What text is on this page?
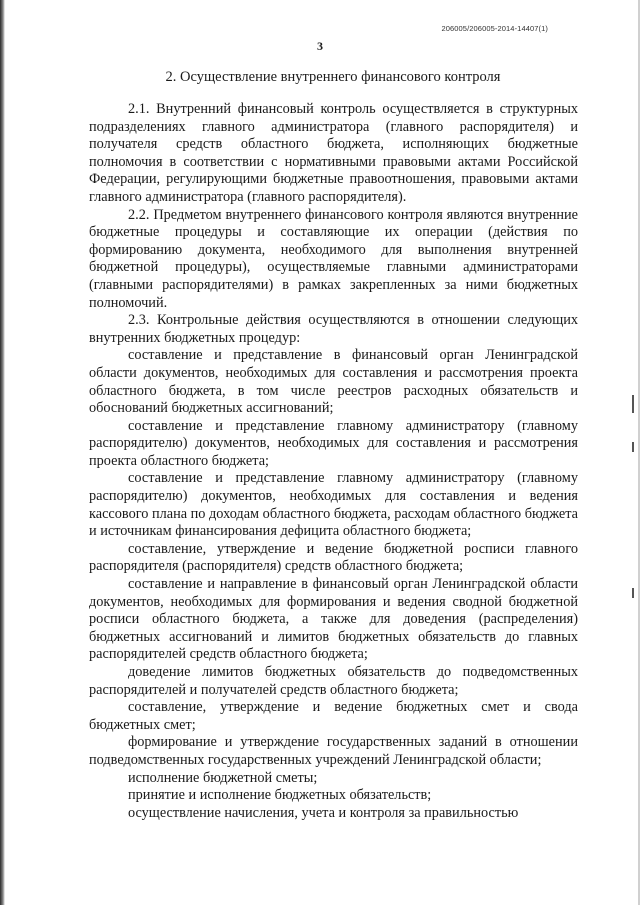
206005/206005-2014-14407(1)
3
2. Осуществление внутреннего финансового контроля

2.1. Внутренний финансовый контроль осуществляется в структурных подразделениях главного администратора (главного распорядителя) и получателя средств областного бюджета, исполняющих бюджетные полномочия в соответствии с нормативными правовыми актами Российской Федерации, регулирующими бюджетные правоотношения, правовыми актами главного администратора (главного распорядителя).

2.2. Предметом внутреннего финансового контроля являются внутренние бюджетные процедуры и составляющие их операции (действия по формированию документа, необходимого для выполнения внутренней бюджетной процедуры), осуществляемые главными администраторами (главными распорядителями) в рамках закрепленных за ними бюджетных полномочий.

2.3. Контрольные действия осуществляются в отношении следующих внутренних бюджетных процедур:

составление и представление в финансовый орган Ленинградской области документов, необходимых для составления и рассмотрения проекта областного бюджета, в том числе реестров расходных обязательств и обоснований бюджетных ассигнований;

составление и представление главному администратору (главному распорядителю) документов, необходимых для составления и рассмотрения проекта областного бюджета;

составление и представление главному администратору (главному распорядителю) документов, необходимых для составления и ведения кассового плана по доходам областного бюджета, расходам областного бюджета и источникам финансирования дефицита областного бюджета;

составление, утверждение и ведение бюджетной росписи главного распорядителя (распорядителя) средств областного бюджета;

составление и направление в финансовый орган Ленинградской области документов, необходимых для формирования и ведения сводной бюджетной росписи областного бюджета, а также для доведения (распределения) бюджетных ассигнований и лимитов бюджетных обязательств до главных распорядителей средств областного бюджета;

доведение лимитов бюджетных обязательств до подведомственных распорядителей и получателей средств областного бюджета;

составление, утверждение и ведение бюджетных смет и свода бюджетных смет;

формирование и утверждение государственных заданий в отношении подведомственных государственных учреждений Ленинградской области;

исполнение бюджетной сметы;

принятие и исполнение бюджетных обязательств;

осуществление начисления, учета и контроля за правильностью
